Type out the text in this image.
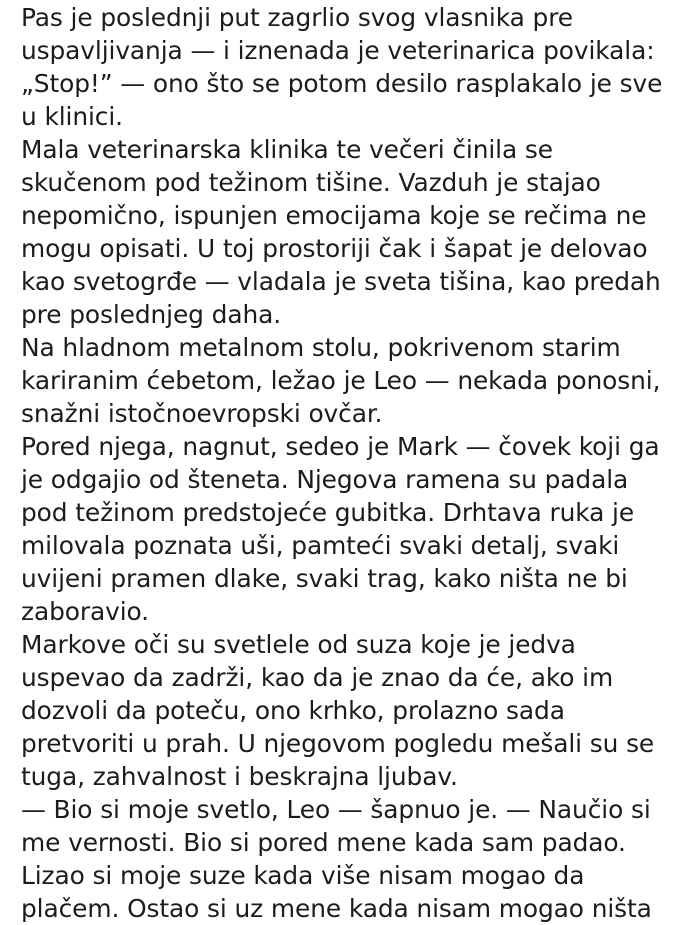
Pas je poslednji put zagrlio svog vlasnika pre
uspavljivanja — i iznenada je veterinarica povikala:
„Stop!” — ono što se potom desilo rasplakalo je sve
u klinici.
Mala veterinarska klinika te večeri činila se
skučenom pod težinom tišine. Vazduh je stajao
nepomično, ispunjen emocijama koje se rečima ne
mogu opisati. U toj prostoriji čak i šapat je delovao
kao svetogrđe — vladala je sveta tišina, kao predah
pre poslednjeg daha.
Na hladnom metalnom stolu, pokrivenom starim
kariranim ćebetom, ležao je Leo — nekada ponosni,
snažni istočnoevropski ovčar.
Pored njega, nagnut, sedeo je Mark — čovek koji ga
je odgajio od šteneta. Njegova ramena su padala
pod težinom predstojeće gubitka. Drhtava ruka je
milovala poznata uši, pamteći svaki detalj, svaki
uvijeni pramen dlake, svaki trag, kako ništa ne bi
zaboravio.
Markove oči su svetlele od suza koje je jedva
uspevao da zadrži, kao da je znao da će, ako im
dozvoli da poteču, ono krhko, prolazno sada
pretvoriti u prah. U njegovom pogledu mešali su se
tuga, zahvalnost i beskrajna ljubav.
— Bio si moje svetlo, Leo — šapnuo je. — Naučio si
me vernosti. Bio si pored mene kada sam padao.
Lizao si moje suze kada više nisam mogao da
plačem. Ostao si uz mene kada nisam mogao ništa
